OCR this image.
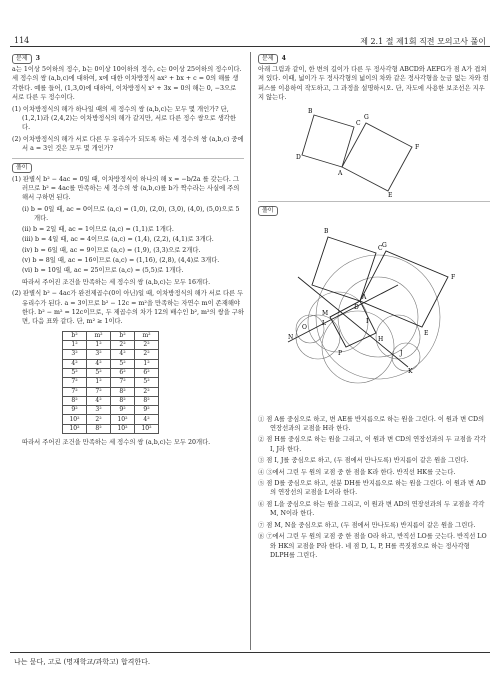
114	제 2.1 절 제1회 직전 모의고사 풀이
문제 3

a는 1이상 5이하의 정수, b는 0이상 10이하의 정수, c는 0이상 25이하의 정수이다. 세 정수의 쌍 (a,b,c)에 대하여, x에 대한 이차방정식 ax² + bx + c = 0의 해를 생각한다. 예를 들어, (1,3,0)에 대하여, 이차방정식 x² + 3x = 0의 해는 0, −3으로 서로 다른 두 정수이다.

(1) 이차방정식의 해가 하나일 때의 세 정수의 쌍 (a,b,c)는 모두 몇 개인가? 단, (1,2,1)과 (2,4,2)는 이차방정식의 해가 같지만, 서로 다른 정수 쌍으로 생각한다.

(2) 이차방정식의 해가 서로 다른 두 유리수가 되도록 하는 세 정수의 쌍 (a,b,c) 중에서 a = 3인 것은 모두 몇 개인가?

풀이

(1) 판별식 b² − 4ac = 0일 때, 이차방정식이 하나의 해 x = −b/2a 를 갖는다. 그러므로 b² = 4ac를 만족하는 세 정수의 쌍 (a,b,c)를 b가 짝수라는 사실에 주의해서 구하면 된다.

(i) b = 0일 때, ac = 0이므로 (a,c) = (1,0), (2,0), (3,0), (4,0), (5,0)으로 5개다.

(ii) b = 2일 때, ac = 1이므로 (a,c) = (1,1)로 1개다.

(iii) b = 4일 때, ac = 4이므로 (a,c) = (1,4), (2,2), (4,1)로 3개다.

(iv) b = 6일 때, ac = 9이므로 (a,c) = (1,9), (3,3)으로 2개다.

(v) b = 8일 때, ac = 16이므로 (a,c) = (1,16), (2,8), (4,4)로 3개다.

(vi) b = 10일 때, ac = 25이므로 (a,c) = (5,5)로 1개다.

따라서 주어진 조건을 만족하는 세 정수의 쌍 (a,b,c)는 모두 16개다.

(2) 판별식 b² − 4ac가 완전제곱수(0이 아닌)일 때, 이차방정식의 해가 서로 다른 두 유리수가 된다. a = 3이므로 b² − 12c = m²을 만족하는 자연수 m이 존재해야 한다. b² − m² = 12c이므로, 두 제곱수의 차가 12의 배수인 b², m²의 쌍을 구하면, 다음 표와 같다. 단, m² ≥ 1이다.

b²	m²	b²	m²
1²	1²	2²	2²
3²	3²	4²	2²
4²	4²	5²	1²
5²	5²	6²	6²
7²	1²	7²	5²
7²	7²	8²	2²
8²	4²	8²	8²
9²	3²	9²	9²
10²	2²	10²	4²
10²	8²	10²	10²

따라서 주어진 조건을 만족하는 세 정수의 쌍 (a,b,c)는 모두 20개다.

문제 4

아래 그림과 같이, 한 변의 길이가 다른 두 정사각형 ABCD와 AEFG가 점 A가 겹쳐져 있다. 이때, 넓이가 두 정사각형의 넓이의 차와 같은 정사각형을 눈금 없는 자와 컴퍼스를 이용하여 작도하고, 그 과정을 설명하시오. 단, 자도에 사용한 보조선은 지우지 않는다.

B
C
D
A
G
F
E
풀이
B
C G
F
E
A
D
N
O
M
L
P
H
I
J
K

① 점 A를 중심으로 하고, 변 AE를 반지름으로 하는 원을 그린다. 이 원과 변 CD의 연장선과의 교점을 H라 한다.

② 점 H를 중심으로 하는 원을 그리고, 이 원과 변 CD의 연장선과의 두 교점을 각각 I, J라 한다.

③ 점 I, J를 중심으로 하고, (두 점에서 만나도록) 반지름이 같은 원을 그린다.

④ ③에서 그린 두 원의 교점 중 한 점을 K라 한다. 반직선 HK를 긋는다.

⑤ 점 D를 중심으로 하고, 선분 DH를 반지름으로 하는 원을 그린다. 이 원과 변 AD의 연장선의 교점을 L이라 한다.

⑥ 점 L을 중심으로 하는 원을 그리고, 이 원과 변 AD의 연장선과의 두 교점을 각각 M, N이라 한다.

⑦ 점 M, N을 중심으로 하고, (두 점에서 만나도록) 반지름이 같은 원을 그린다.

⑧ ⑦에서 그린 두 원의 교점 중 한 점을 O라 하고, 반직선 LO를 긋는다. 반직선 LO와 HK의 교점을 P라 한다. 네 점 D, L, P, H를 꼭짓점으로 하는 정사각형 DLPH를 그린다.

나는 묻다, 고로 (명재학교/과학고) 합격한다.
